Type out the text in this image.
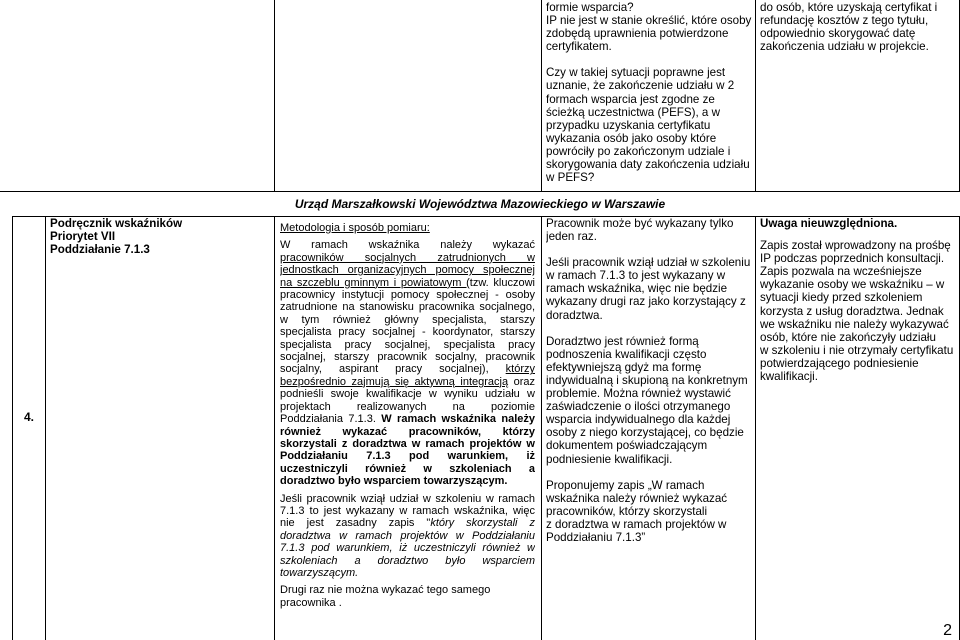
formie wsparcia?
IP nie jest w stanie określić, które osoby
zdobędą uprawnienia potwierdzone
certyfikatem.
Czy w takiej sytuacji poprawne jest
uznanie, że zakończenie udziału w 2
formach wsparcia jest zgodne ze
ścieżką uczestnictwa (PEFS), a w
przypadku uzyskania certyfikatu
wykazania osób jako osoby które
powróciły po zakończonym udziale i
skorygowania daty zakończenia udziału
w PEFS?
do osób, które uzyskają certyfikat i
refundację kosztów z tego tytułu,
odpowiednio skorygować datę
zakończenia udziału w projekcie.
Urząd Marszałkowski Województwa Mazowieckiego w Warszawie
4.
Podręcznik wskaźników
Priorytet VII
Poddziałanie 7.1.3
Metodologia i sposób pomiaru:
W ramach wskaźnika należy wykazać
pracowników socjalnych zatrudnionych w
jednostkach organizacyjnych pomocy społecznej
na szczeblu gminnym i powiatowym (tzw. kluczowi
pracownicy instytucji pomocy społecznej - osoby
zatrudnione na stanowisku pracownika socjalnego,
w tym również główny specjalista, starszy
specjalista pracy socjalnej - koordynator, starszy
specjalista pracy socjalnej, specjalista pracy
socjalnej, starszy pracownik socjalny, pracownik
socjalny, aspirant pracy socjalnej), którzy
bezpośrednio zajmują się aktywną integracją oraz
podnieśli swoje kwalifikacje w wyniku udziału w
projektach realizowanych na poziomie
Poddziałania 7.1.3. W ramach wskaźnika należy
również wykazać pracowników, którzy
skorzystali z doradztwa w ramach projektów w
Poddziałaniu 7.1.3 pod warunkiem, iż
uczestniczyli również w szkoleniach a
doradztwo było wsparciem towarzyszącym.
Jeśli pracownik wziął udział w szkoleniu w ramach
7.1.3 to jest wykazany w ramach wskaźnika, więc
nie jest zasadny zapis "który skorzystali z
doradztwa w ramach projektów w Poddziałaniu
7.1.3 pod warunkiem, iż uczestniczyli również w
szkoleniach a doradztwo było wsparciem
towarzyszącym.
Drugi raz nie można wykazać tego samego
pracownika .
Pracownik może być wykazany tylko
jeden raz.
Jeśli pracownik wziął udział w szkoleniu
w ramach 7.1.3 to jest wykazany w
ramach wskaźnika, więc nie będzie
wykazany drugi raz jako korzystający z
doradztwa.
Doradztwo jest również formą
podnoszenia kwalifikacji często
efektywniejszą gdyż ma formę
indywidualną i skupioną na konkretnym
problemie. Można również wystawić
zaświadczenie o ilości otrzymanego
wsparcia indywidualnego dla każdej
osoby z niego korzystającej, co będzie
dokumentem poświadczającym
podniesienie kwalifikacji.
Proponujemy zapis „W ramach
wskaźnika należy również wykazać
pracowników, którzy skorzystali
z doradztwa w ramach projektów w
Poddziałaniu 7.1.3”
Uwaga nieuwzględniona.
Zapis został wprowadzony na prośbę
IP podczas poprzednich konsultacji.
Zapis pozwala na wcześniejsze
wykazanie osoby we wskaźniku – w
sytuacji kiedy przed szkoleniem
korzysta z usług doradztwa. Jednak
we wskaźniku nie należy wykazywać
osób, które nie zakończyły udziału
w szkoleniu i nie otrzymały certyfikatu
potwierdzającego podniesienie
kwalifikacji.
2
